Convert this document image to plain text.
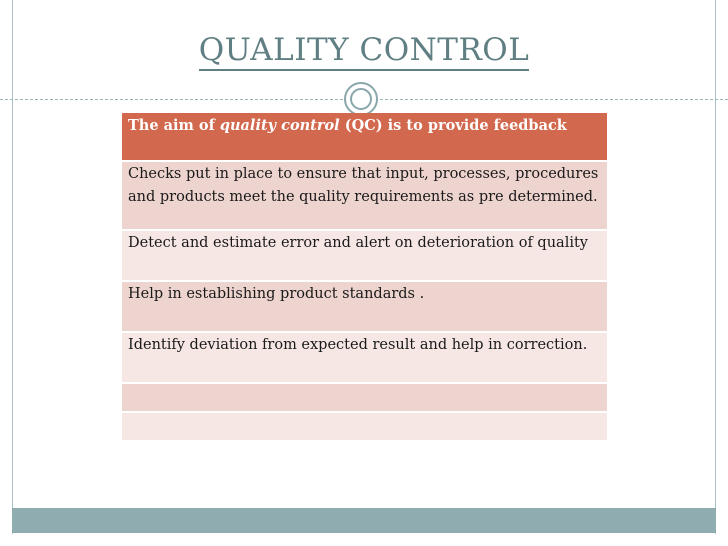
QUALITY CONTROL
The aim of quality control (QC) is to provide feedback
Checks put in place to ensure that input, processes, procedures and products meet the quality requirements as pre determined.
Detect and estimate error and alert on deterioration of quality
Help in establishing product standards .
Identify deviation from expected result and help in correction.
